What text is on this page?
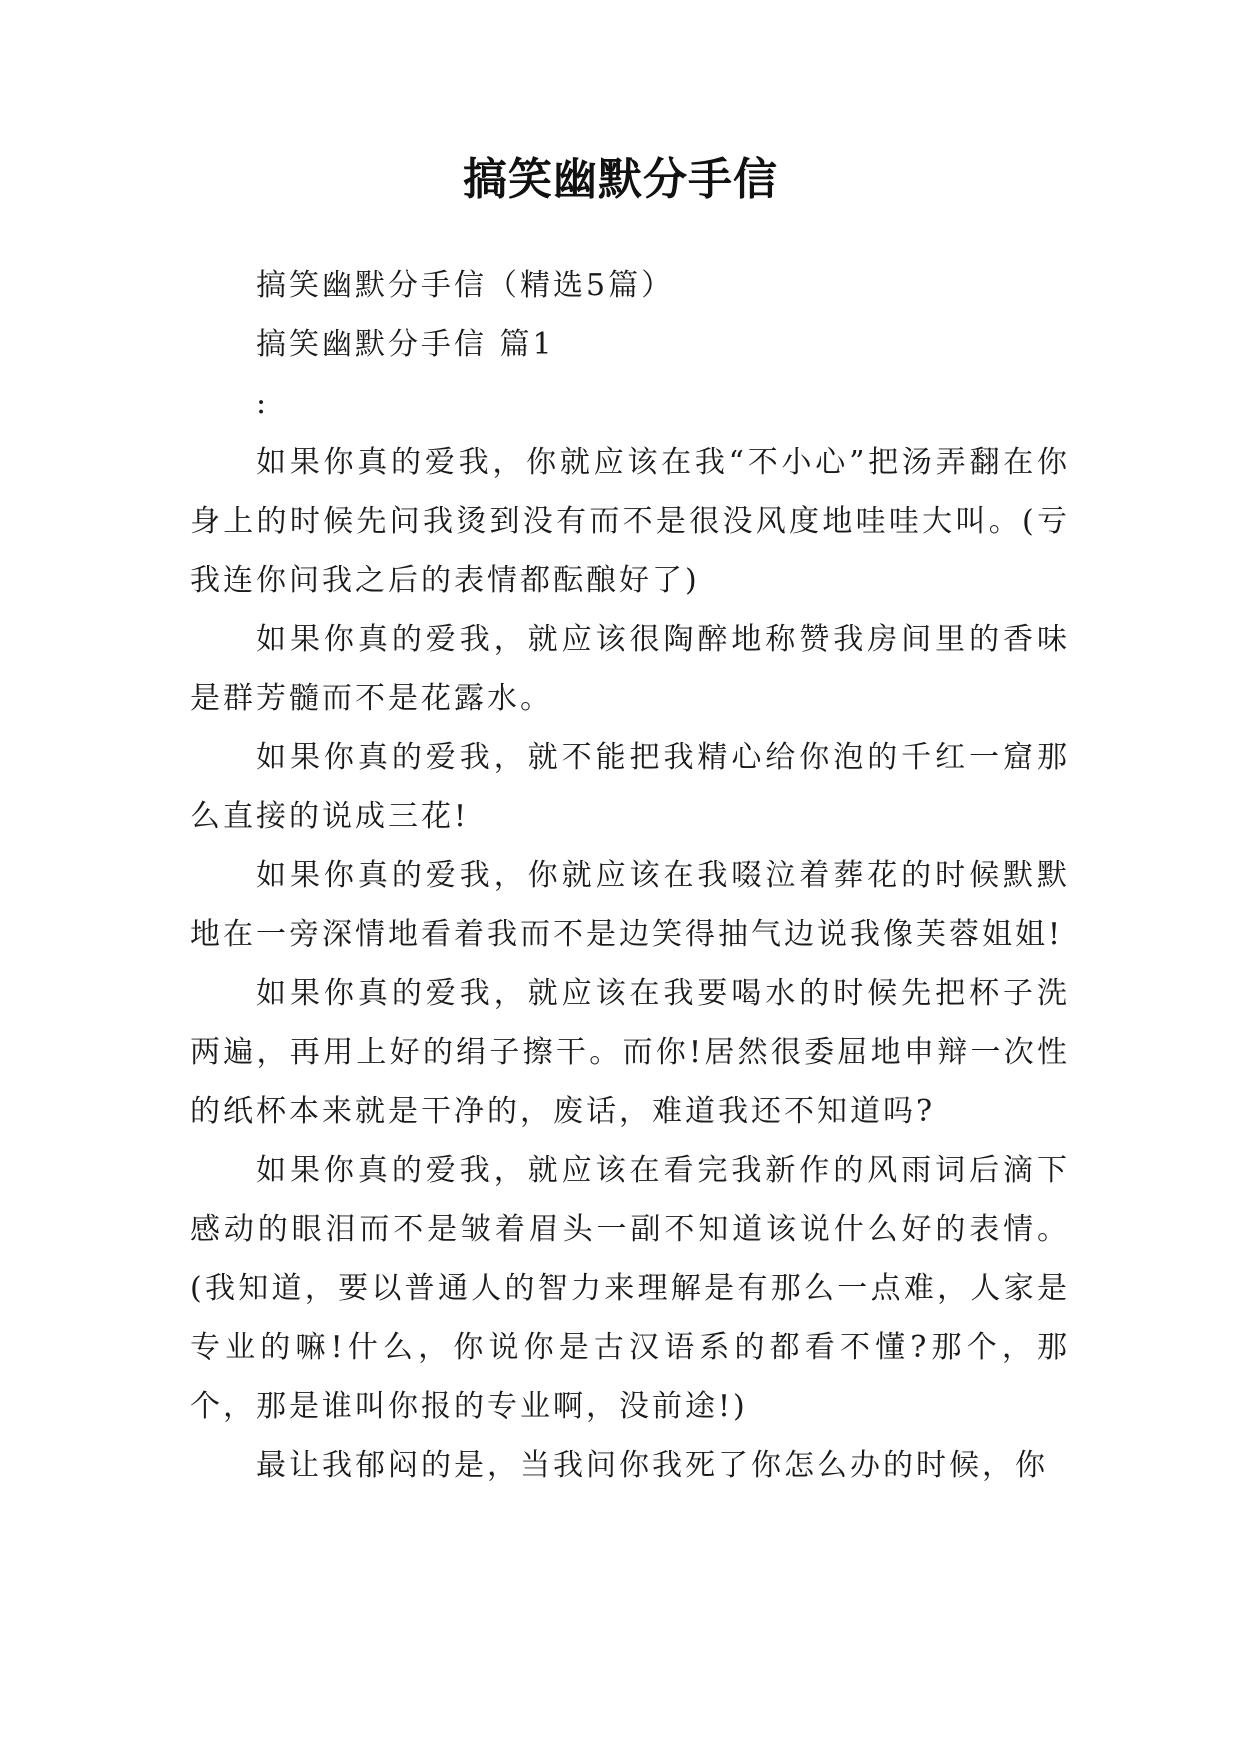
搞笑幽默分手信

搞笑幽默分手信（精选5篇）

搞笑幽默分手信 篇1

:

如果你真的爱我，你就应该在我“不小心”把汤弄翻在你身上的时候先问我烫到没有而不是很没风度地哇哇大叫。(亏我连你问我之后的表情都酝酿好了)

如果你真的爱我，就应该很陶醉地称赞我房间里的香味是群芳髓而不是花露水。

如果你真的爱我，就不能把我精心给你泡的千红一窟那么直接的说成三花!

如果你真的爱我，你就应该在我啜泣着葬花的时候默默地在一旁深情地看着我而不是边笑得抽气边说我像芙蓉姐姐!

如果你真的爱我，就应该在我要喝水的时候先把杯子洗两遍，再用上好的绢子擦干。而你!居然很委屈地申辩一次性的纸杯本来就是干净的，废话，难道我还不知道吗?

如果你真的爱我，就应该在看完我新作的风雨词后滴下感动的眼泪而不是皱着眉头一副不知道该说什么好的表情。(我知道，要以普通人的智力来理解是有那么一点难，人家是专业的嘛!什么，你说你是古汉语系的都看不懂?那个，那个，那是谁叫你报的专业啊，没前途!)

最让我郁闷的是，当我问你我死了你怎么办的时候，你
